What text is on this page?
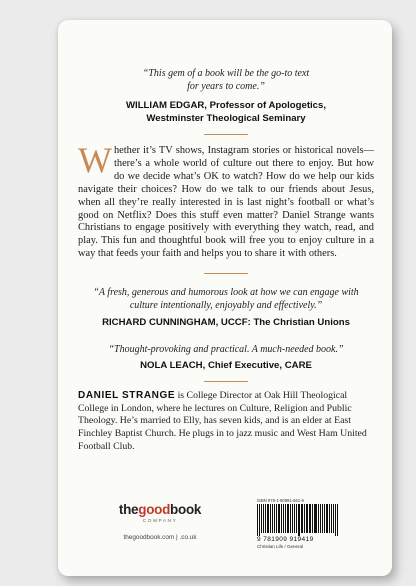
“This gem of a book will be the go-to text for years to come.”
WILLIAM EDGAR, Professor of Apologetics,
Westminster Theological Seminary

Whether it’s TV shows, Instagram stories or historical novels—there’s a whole world of culture out there to enjoy. But how do we decide what’s OK to watch? How do we help our kids navigate their choices? How do we talk to our friends about Jesus, when all they’re really interested in is last night’s football or what’s good on Netflix? Does this stuff even matter? Daniel Strange wants Christians to engage positively with everything they watch, read, and play. This fun and thoughtful book will free you to enjoy culture in a way that feeds your faith and helps you to share it with others.

“A fresh, generous and humorous look at how we can engage with culture intentionally, enjoyably and effectively.”
RICHARD CUNNINGHAM, UCCF: The Christian Unions
“Thought-provoking and practical. A much-needed book.”
NOLA LEACH, Chief Executive, CARE

DANIEL STRANGE is College Director at Oak Hill Theological College in London, where he lectures on Culture, Religion and Public Theology. He’s married to Elly, has seven kids, and is an elder at East Finchley Baptist Church. He plugs in to jazz music and West Ham United Football Club.

thegoodbook
COMPANY
thegoodbook.com | .co.uk
ISBN 978-1-90991-941-9
9 781909 919419
Christian Life / General
